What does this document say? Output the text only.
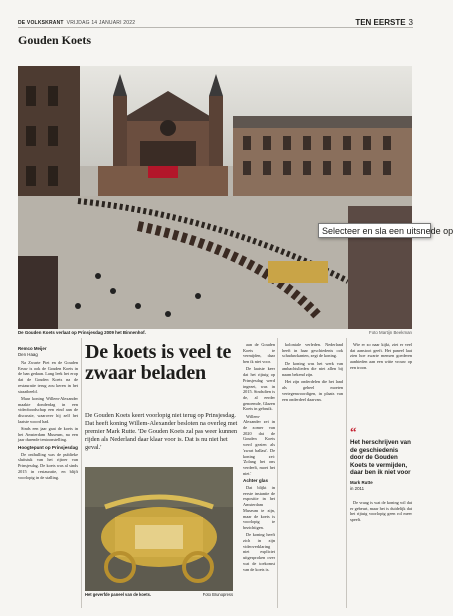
DE VOLKSKRANT VRIJDAG 14 JANUARI 2022	TEN EERSTE 3
Gouden Koets
De Gouden Koets verlaat op Prinsjesdag 2009 het Binnenhof.	Foto Martijn Beekman
Remco Meijer
Den Haag

Na Zwarte Piet en de Gouden Eeuw is ook de Gouden Koets in de ban gedaan. Lang leek het erop dat de Gouden Koets na de restauratie terug zou keren in het straatbeeld.

Maar koning Willem-Alexander maakte donderdag in een videoboodschap een eind aan de discussie, waarover hij zelf het laatste woord had.

Sinds een jaar gaat de koets in het Amsterdam Museum, na een jaar durende tentoonstelling.

Hoogtepunt op Prinsjesdag

De onthulling was de publieke sluitstuk van het rijtoer van Prinsjesdag. De koets was al sinds 2015 in restauratie, en blijft voorlopig in de stalling.

De koets is veel te zwaar beladen
De Gouden Koets keert voorlopig niet terug op Prinsjesdag. Dat heeft koning Willem-Alexander besloten na overleg met premier Mark Rutte. 'De Gouden Koets zal pas weer kunnen rijden als Nederland daar klaar voor is. Dat is nu niet het geval.'
Het geverfde paneel van de koets.	Foto Brunopress

aan de Gouden Koets te vermijden, daar ben ik niet voor.

De laatste keer dat het rijtuig op Prinsjesdag werd ingezet, was in 2015. Sindsdien is de, al eerder genoemde, Glazen Koets in gebruik.

Willem-Alexander zei in de zomer van 2020 dat de Gouden Koets werd gezien als 'zwart ballast'. De koning zei: 'Zolang het ons verdeelt, moet het niet.'

Achter glas

Dat blijkt in eerste instantie de expositie in het Amsterdam Museum te zijn, maar de koets is voorlopig te bezichtigen.

De koning heeft zich in zijn videoverklaring niet expliciet uitgesproken over wat de toekomst van de koets is.

koloniale verleden. Nederland heeft in haar geschiedenis ook schaduwkanten, zegt de koning.

De koning was het werk van ambachtslieden die niet allen bij naam bekend zijn.

Het zijn onderdelen die het land als geheel moeten vertegenwoordigen, in plaats van een onderdeel daarvan.

Wie er zo naar kijkt, ziet er veel dat aanstoot geeft. Het paneel laat zien hoe zwarte mensen goederen aanbieden aan een witte vrouw op een troon.

“
Het herschrijven van de geschiedenis door de Gouden Koets te vermijden, daar ben ik niet voor
Mark Rutte
in 2011

De vraag is wat de koning wil dat er gebeurt, maar het is duidelijk dat het rijtuig voorlopig geen rol meer speelt.

Selecteer en sla een uitsnede op
